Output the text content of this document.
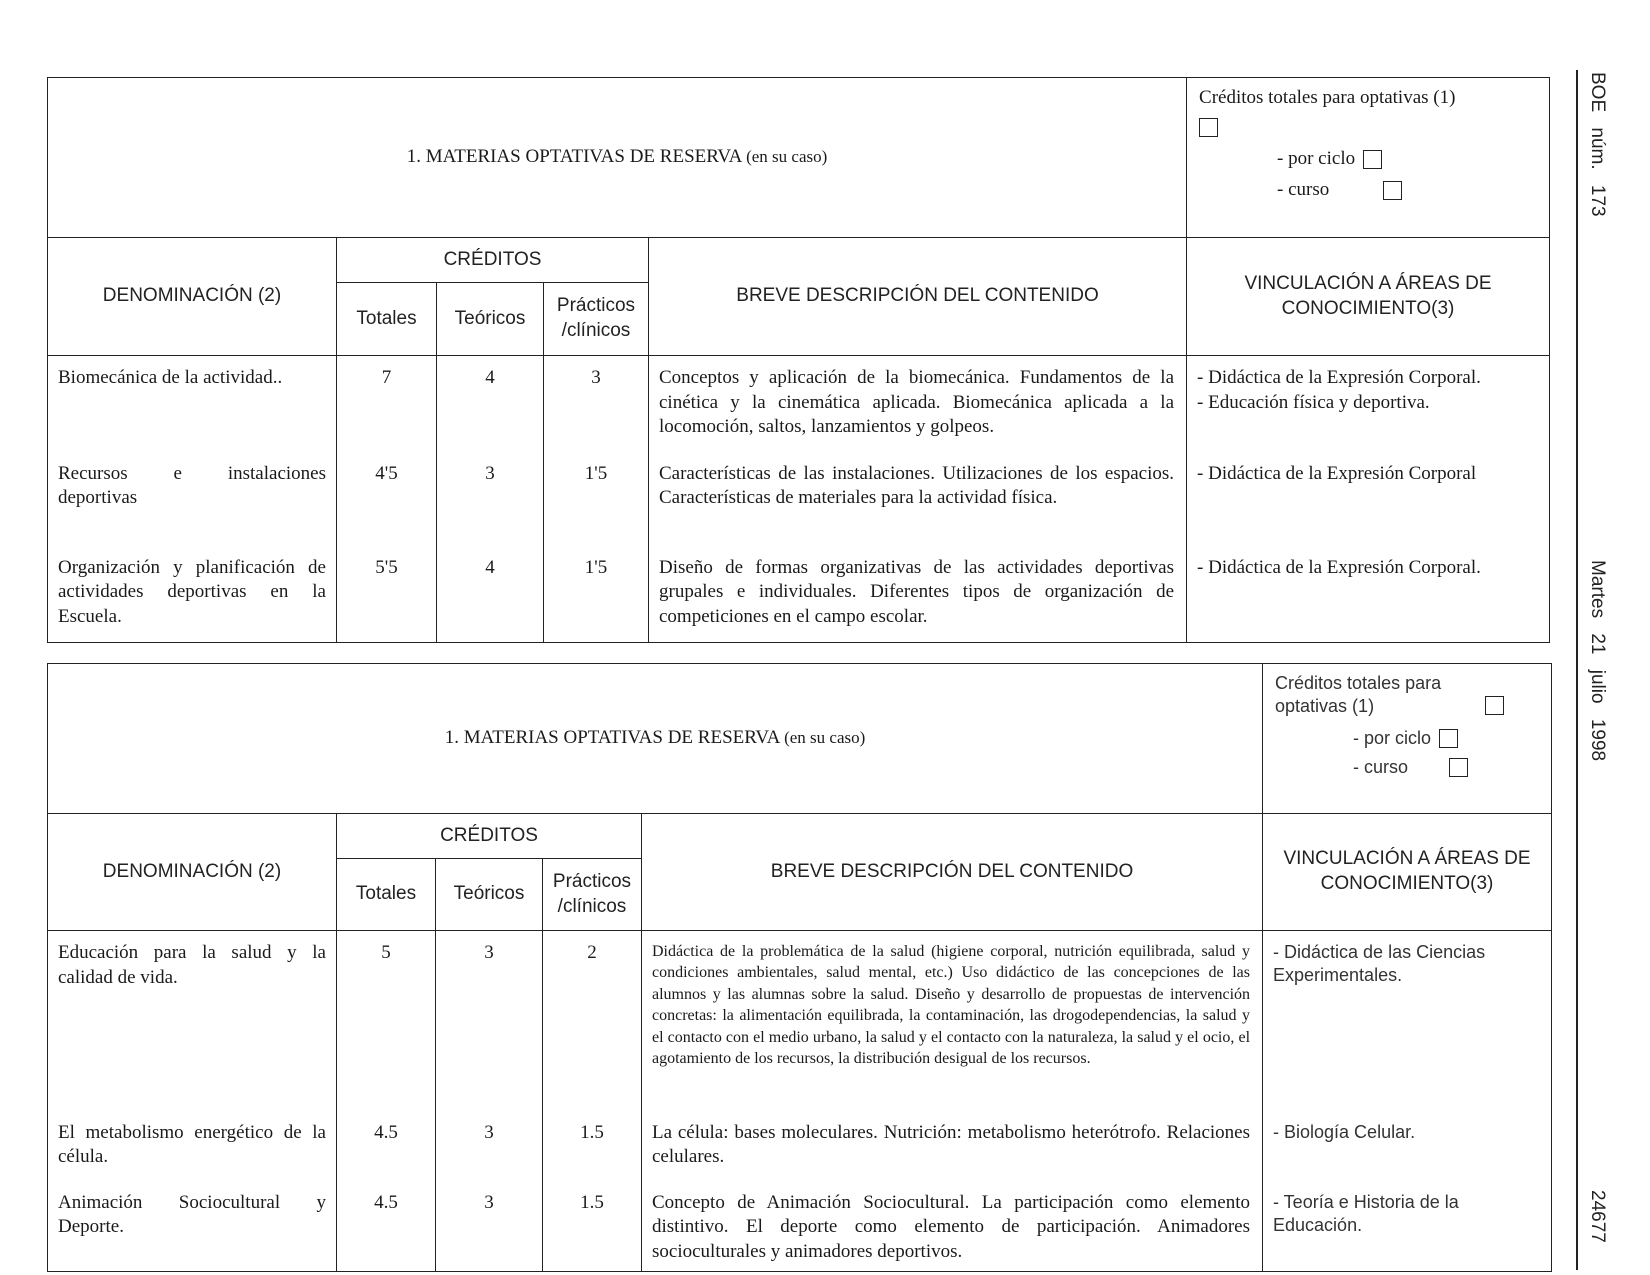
BOE núm. 173
Martes 21 julio 1998
24677
1. MATERIAS OPTATIVAS DE RESERVA (en su caso)					Créditos totales para optativas (1)
- por ciclo
- curso

DENOMINACIÓN (2)	CRÉDITOS			BREVE DESCRIPCIÓN DEL CONTENIDO	VINCULACIÓN A ÁREAS DE CONOCIMIENTO(3)
	Totales	Teóricos	Prácticos /clínicos		
Biomecánica de la actividad..	7	4	3	Conceptos y aplicación de la biomecánica. Fundamentos de la cinética y la cinemática aplicada. Biomecánica aplicada a la locomoción, saltos, lanzamientos y golpeos.	- Didáctica de la Expresión Corporal.
- Educación física y deportiva.

Recursos e instalaciones deportivas	4'5	3	1'5	Características de las instalaciones. Utilizaciones de los espacios. Características de materiales para la actividad física.	- Didáctica de la Expresión Corporal

Organización y planificación de actividades deportivas en la Escuela.	5'5	4	1'5	Diseño de formas organizativas de las actividades deportivas grupales e individuales. Diferentes tipos de organización de competiciones en el campo escolar.	- Didáctica de la Expresión Corporal.
1. MATERIAS OPTATIVAS DE RESERVA (en su caso)					Créditos totales para optativas (1)
- por ciclo
- curso

DENOMINACIÓN (2)	CRÉDITOS			BREVE DESCRIPCIÓN DEL CONTENIDO	VINCULACIÓN A ÁREAS DE CONOCIMIENTO(3)
	Totales	Teóricos	Prácticos /clínicos		
Educación para la salud y la calidad de vida.	5	3	2	Didáctica de la problemática de la salud (higiene corporal, nutrición equilibrada, salud y condiciones ambientales, salud mental, etc.) Uso didáctico de las concepciones de las alumnos y las alumnas sobre la salud. Diseño y desarrollo de propuestas de intervención concretas: la alimentación equilibrada, la contaminación, las drogodependencias, la salud y el contacto con el medio urbano, la salud y el contacto con la naturaleza, la salud y el ocio, el agotamiento de los recursos, la distribución desigual de los recursos.	- Didáctica de las Ciencias Experimentales.

El metabolismo energético de la célula.	4.5	3	1.5	La célula: bases moleculares. Nutrición: metabolismo heterótrofo. Relaciones celulares.	- Biología Celular.

Animación Sociocultural y Deporte.	4.5	3	1.5	Concepto de Animación Sociocultural. La participación como elemento distintivo. El deporte como elemento de participación. Animadores socioculturales y animadores deportivos.	- Teoría e Historia de la Educación.
